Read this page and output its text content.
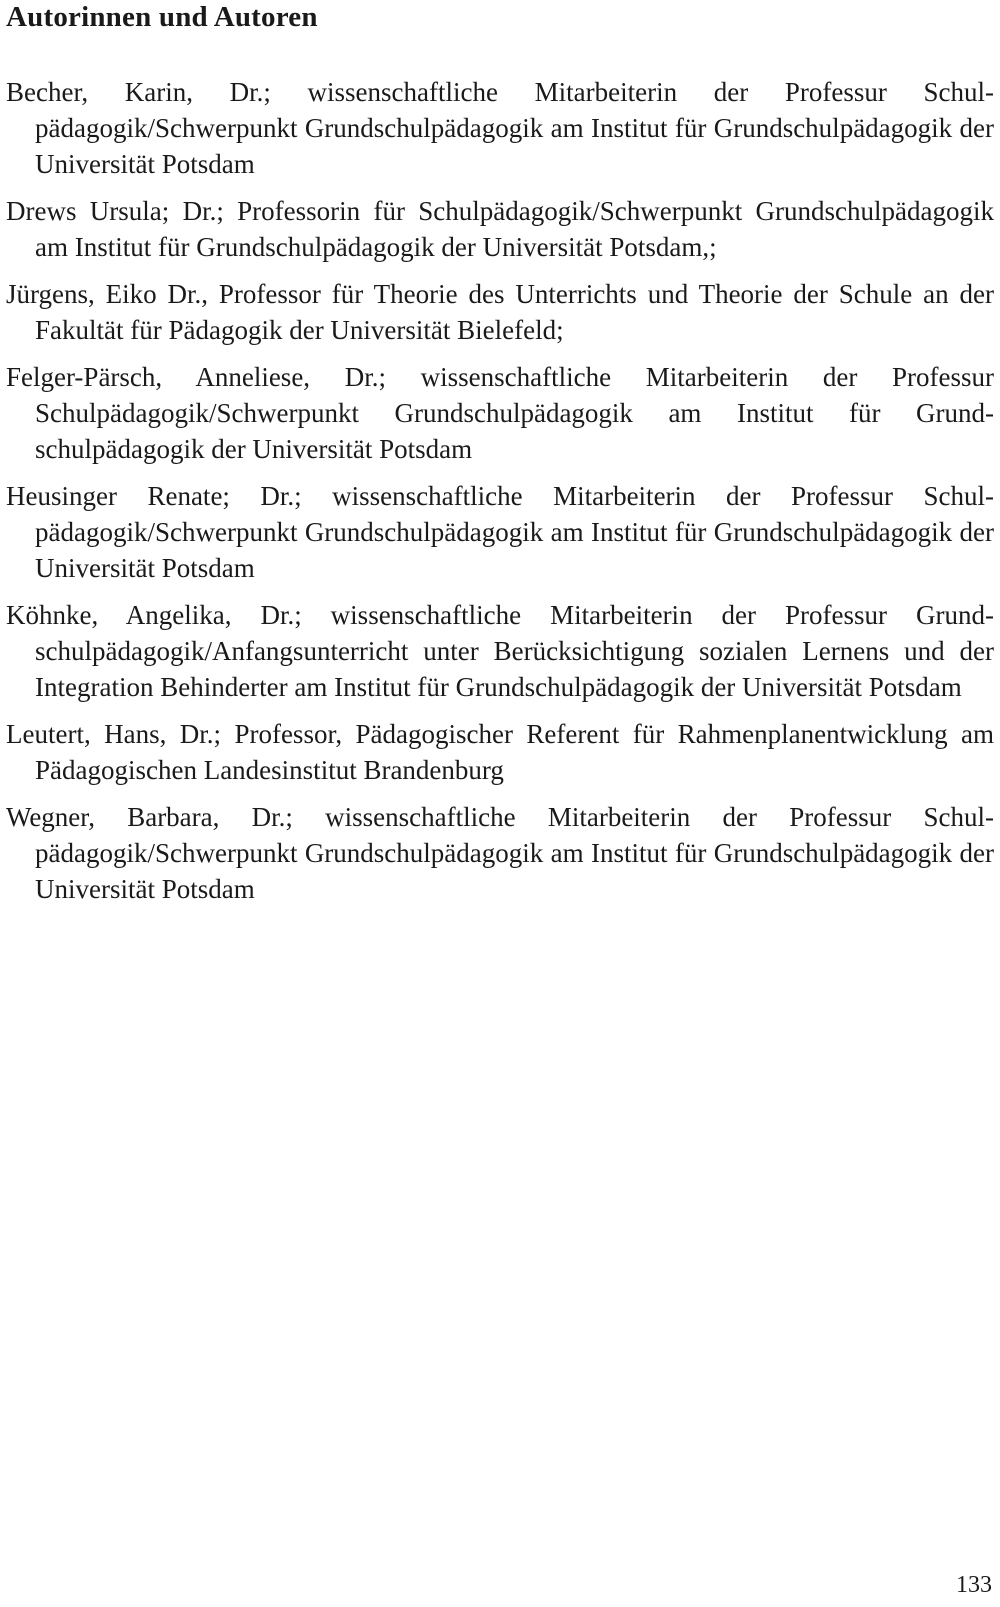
Autorinnen und Autoren
Becher, Karin, Dr.; wissenschaftliche Mitarbeiterin der Professur Schulpädagogik/Schwerpunkt Grundschulpädagogik am Institut für Grundschulpädagogik der Universität Potsdam
Drews Ursula; Dr.; Professorin für Schulpädagogik/Schwerpunkt Grundschulpädagogik am Institut für Grundschulpädagogik der Universität Potsdam,;
Jürgens, Eiko Dr., Professor für Theorie des Unterrichts und Theorie der Schule an der Fakultät für Pädagogik der Universität Bielefeld;
Felger-Pärsch, Anneliese, Dr.; wissenschaftliche Mitarbeiterin der Professur Schulpädagogik/Schwerpunkt Grundschulpädagogik am Institut für Grundschulpädagogik der Universität Potsdam
Heusinger Renate; Dr.; wissenschaftliche Mitarbeiterin der Professur Schulpädagogik/Schwerpunkt Grundschulpädagogik am Institut für Grundschulpädagogik der Universität Potsdam
Köhnke, Angelika, Dr.; wissenschaftliche Mitarbeiterin der Professur Grundschulpädagogik/Anfangsunterricht unter Berücksichtigung sozialen Lernens und der Integration Behinderter am Institut für Grundschulpädagogik der Universität Potsdam
Leutert, Hans, Dr.; Professor, Pädagogischer Referent für Rahmenplanentwicklung am Pädagogischen Landesinstitut Brandenburg
Wegner, Barbara, Dr.; wissenschaftliche Mitarbeiterin der Professur Schulpädagogik/Schwerpunkt Grundschulpädagogik am Institut für Grundschulpädagogik der Universität Potsdam
133
